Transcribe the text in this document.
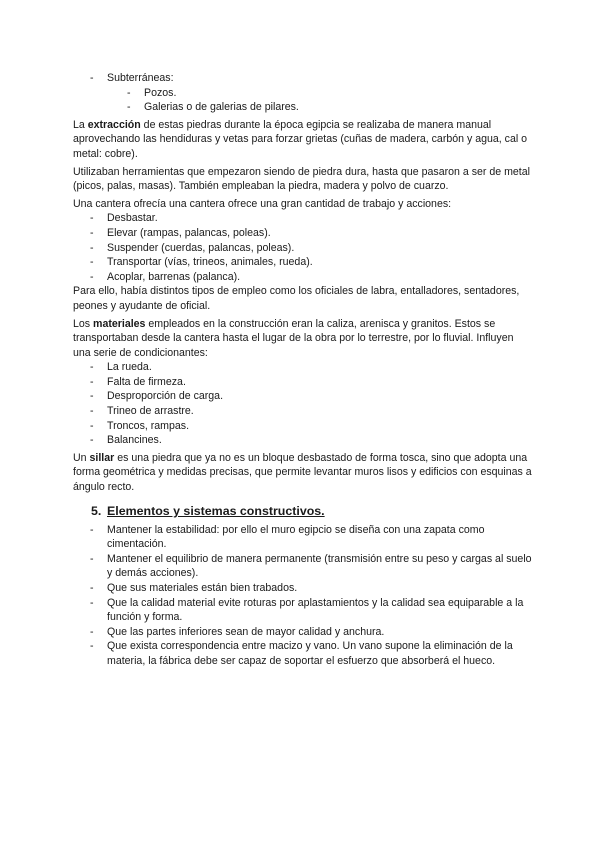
- Subterráneas:
- Pozos.
- Galerias o de galerias de pilares.

La extracción de estas piedras durante la época egipcia se realizaba de manera manual aprovechando las hendiduras y vetas para forzar grietas (cuñas de madera, carbón y agua, cal o metal: cobre).

Utilizaban herramientas que empezaron siendo de piedra dura, hasta que pasaron a ser de metal (picos, palas, masas). También empleaban la piedra, madera y polvo de cuarzo.

Una cantera ofrecía una cantera ofrece una gran cantidad de trabajo y acciones:

- Desbastar.
- Elevar (rampas, palancas, poleas).
- Suspender (cuerdas, palancas, poleas).
- Transportar (vías, trineos, animales, rueda).
- Acoplar, barrenas (palanca).

Para ello, había distintos tipos de empleo como los oficiales de labra, entalladores, sentadores, peones y ayudante de oficial.

Los materiales empleados en la construcción eran la caliza, arenisca y granitos. Estos se transportaban desde la cantera hasta el lugar de la obra por lo terrestre, por lo fluvial. Influyen una serie de condicionantes:

- La rueda.
- Falta de firmeza.
- Desproporción de carga.
- Trineo de arrastre.
- Troncos, rampas.
- Balancines.

Un sillar es una piedra que ya no es un bloque desbastado de forma tosca, sino que adopta una forma geométrica y medidas precisas, que permite levantar muros lisos y edificios con esquinas a ángulo recto.

5. Elementos y sistemas constructivos.
- Mantener la estabilidad: por ello el muro egipcio se diseña con una zapata como cimentación.
- Mantener el equilibrio de manera permanente (transmisión entre su peso y cargas al suelo y demás acciones).
- Que sus materiales están bien trabados.
- Que la calidad material evite roturas por aplastamientos y la calidad sea equiparable a la función y forma.
- Que las partes inferiores sean de mayor calidad y anchura.
- Que exista correspondencia entre macizo y vano. Un vano supone la eliminación de la materia, la fábrica debe ser capaz de soportar el esfuerzo que absorberá el hueco.
